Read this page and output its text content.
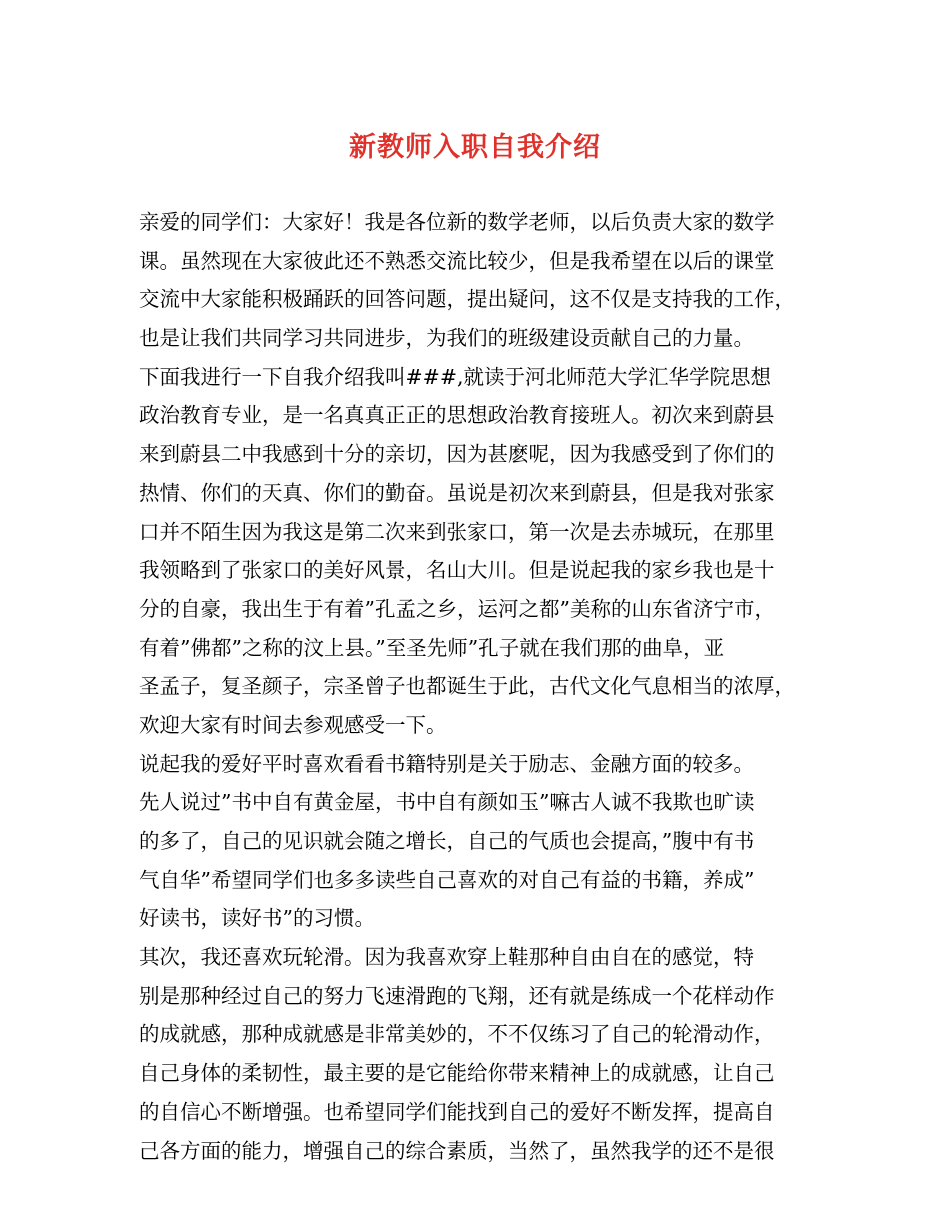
新教师入职自我介绍
亲爱的同学们：大家好！我是各位新的数学老师，以后负责大家的数学
课。虽然现在大家彼此还不熟悉交流比较少，但是我希望在以后的课堂
交流中大家能积极踊跃的回答问题，提出疑问，这不仅是支持我的工作，
也是让我们共同学习共同进步，为我们的班级建设贡献自己的力量。
下面我进行一下自我介绍我叫###,就读于河北师范大学汇华学院思想
政治教育专业，是一名真真正正的思想政治教育接班人。初次来到蔚县
来到蔚县二中我感到十分的亲切，因为甚麽呢，因为我感受到了你们的
热情、你们的天真、你们的勤奋。虽说是初次来到蔚县，但是我对张家
口并不陌生因为我这是第二次来到张家口，第一次是去赤城玩，在那里
我领略到了张家口的美好风景，名山大川。但是说起我的家乡我也是十
分的自豪，我出生于有着”孔孟之乡，运河之都”美称的山东省济宁市，
有着”佛都”之称的汶上县。”至圣先师”孔子就在我们那的曲阜，亚
圣孟子，复圣颜子，宗圣曾子也都诞生于此，古代文化气息相当的浓厚，
欢迎大家有时间去参观感受一下。
说起我的爱好平时喜欢看看书籍特别是关于励志、金融方面的较多。
先人说过”书中自有黄金屋，书中自有颜如玉”嘛古人诚不我欺也旷读
的多了，自己的见识就会随之增长，自己的气质也会提高，”腹中有书
气自华”希望同学们也多多读些自己喜欢的对自己有益的书籍，养成”
好读书，读好书”的习惯。
其次，我还喜欢玩轮滑。因为我喜欢穿上鞋那种自由自在的感觉，特
别是那种经过自己的努力飞速滑跑的飞翔，还有就是练成一个花样动作
的成就感，那种成就感是非常美妙的，不不仅练习了自己的轮滑动作，
自己身体的柔韧性，最主要的是它能给你带来精神上的成就感，让自己
的自信心不断增强。也希望同学们能找到自己的爱好不断发挥，提高自
己各方面的能力，增强自己的综合素质，当然了，虽然我学的还不是很
